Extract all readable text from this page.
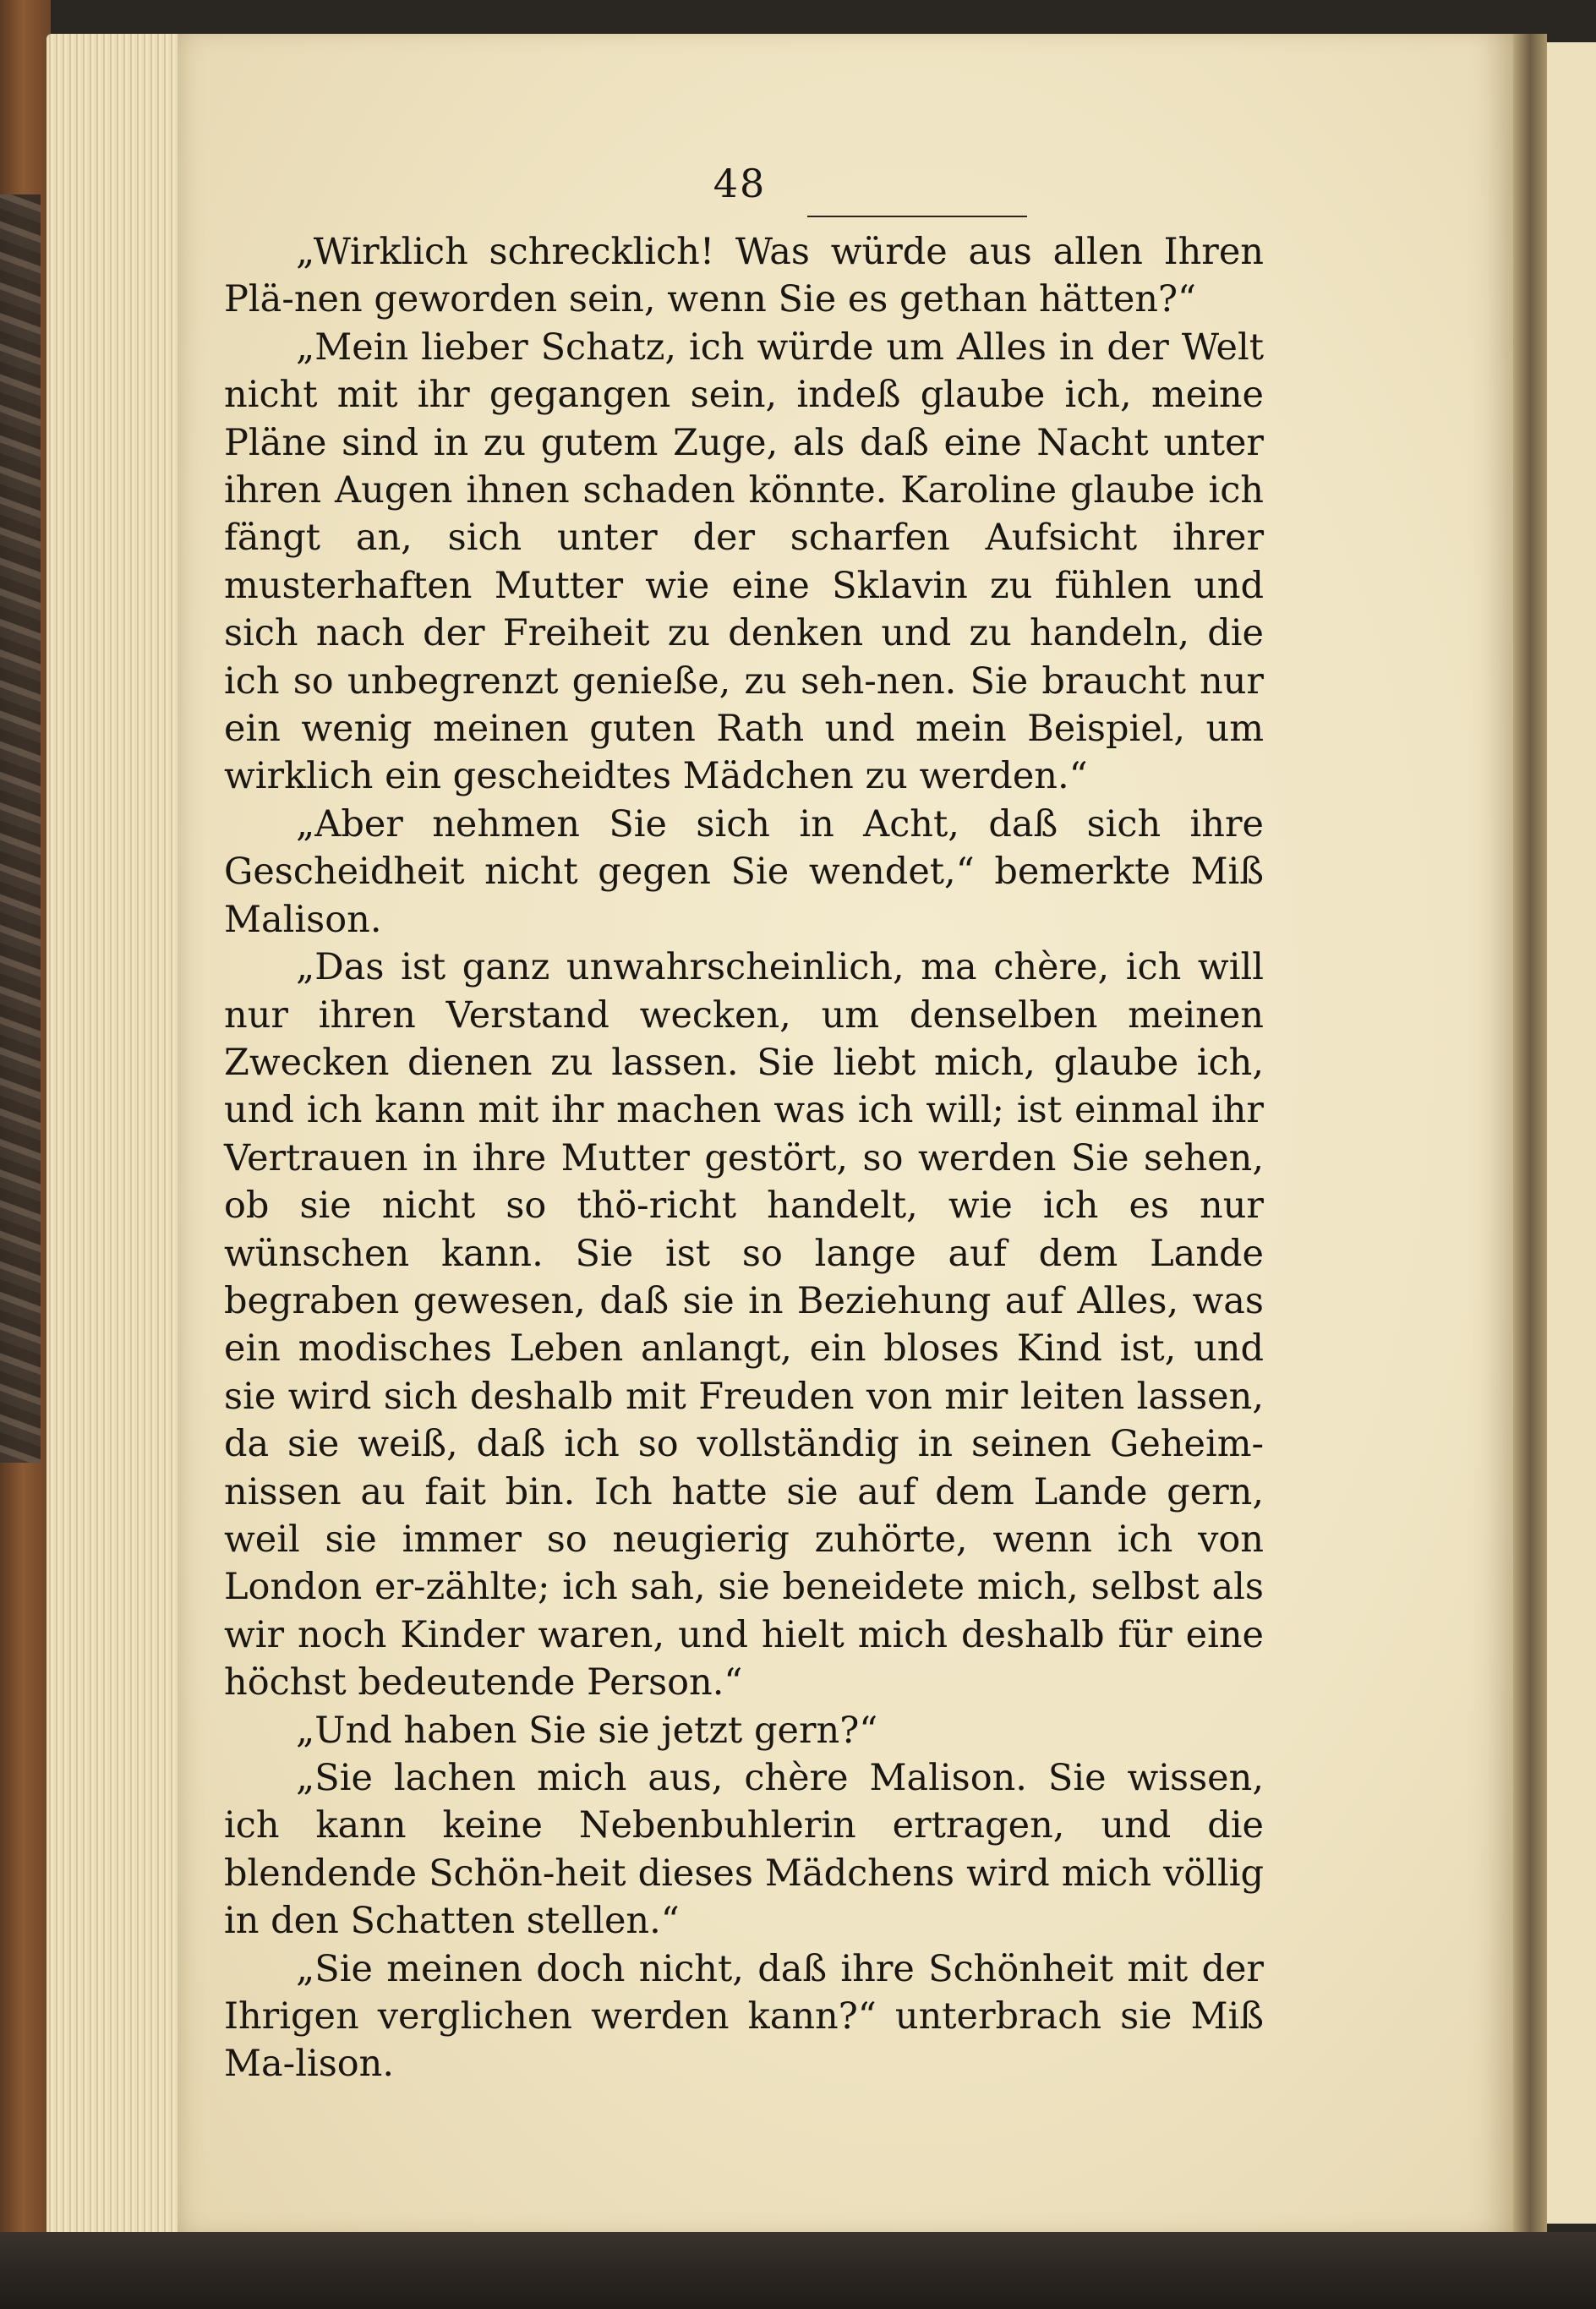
48

„Wirklich schrecklich! Was würde aus allen Ihren Plä-nen geworden sein, wenn Sie es gethan hätten?“

„Mein lieber Schatz, ich würde um Alles in der Welt nicht mit ihr gegangen sein, indeß glaube ich, meine Pläne sind in zu gutem Zuge, als daß eine Nacht unter ihren Augen ihnen schaden könnte. Karoline glaube ich fängt an, sich unter der scharfen Aufsicht ihrer musterhaften Mutter wie eine Sklavin zu fühlen und sich nach der Freiheit zu denken und zu handeln, die ich so unbegrenzt genieße, zu seh-nen. Sie braucht nur ein wenig meinen guten Rath und mein Beispiel, um wirklich ein gescheidtes Mädchen zu werden.“

„Aber nehmen Sie sich in Acht, daß sich ihre Gescheidheit nicht gegen Sie wendet,“ bemerkte Miß Malison.

„Das ist ganz unwahrscheinlich, ma chère, ich will nur ihren Verstand wecken, um denselben meinen Zwecken dienen zu lassen. Sie liebt mich, glaube ich, und ich kann mit ihr machen was ich will; ist einmal ihr Vertrauen in ihre Mutter gestört, so werden Sie sehen, ob sie nicht so thö-richt handelt, wie ich es nur wünschen kann. Sie ist so lange auf dem Lande begraben gewesen, daß sie in Beziehung auf Alles, was ein modisches Leben anlangt, ein bloses Kind ist, und sie wird sich deshalb mit Freuden von mir leiten lassen, da sie weiß, daß ich so vollständig in seinen Geheim-nissen au fait bin. Ich hatte sie auf dem Lande gern, weil sie immer so neugierig zuhörte, wenn ich von London er-zählte; ich sah, sie beneidete mich, selbst als wir noch Kinder waren, und hielt mich deshalb für eine höchst bedeutende Person.“

„Und haben Sie sie jetzt gern?“

„Sie lachen mich aus, chère Malison. Sie wissen, ich kann keine Nebenbuhlerin ertragen, und die blendende Schön-heit dieses Mädchens wird mich völlig in den Schatten stellen.“

„Sie meinen doch nicht, daß ihre Schönheit mit der Ihrigen verglichen werden kann?“ unterbrach sie Miß Ma-lison.
